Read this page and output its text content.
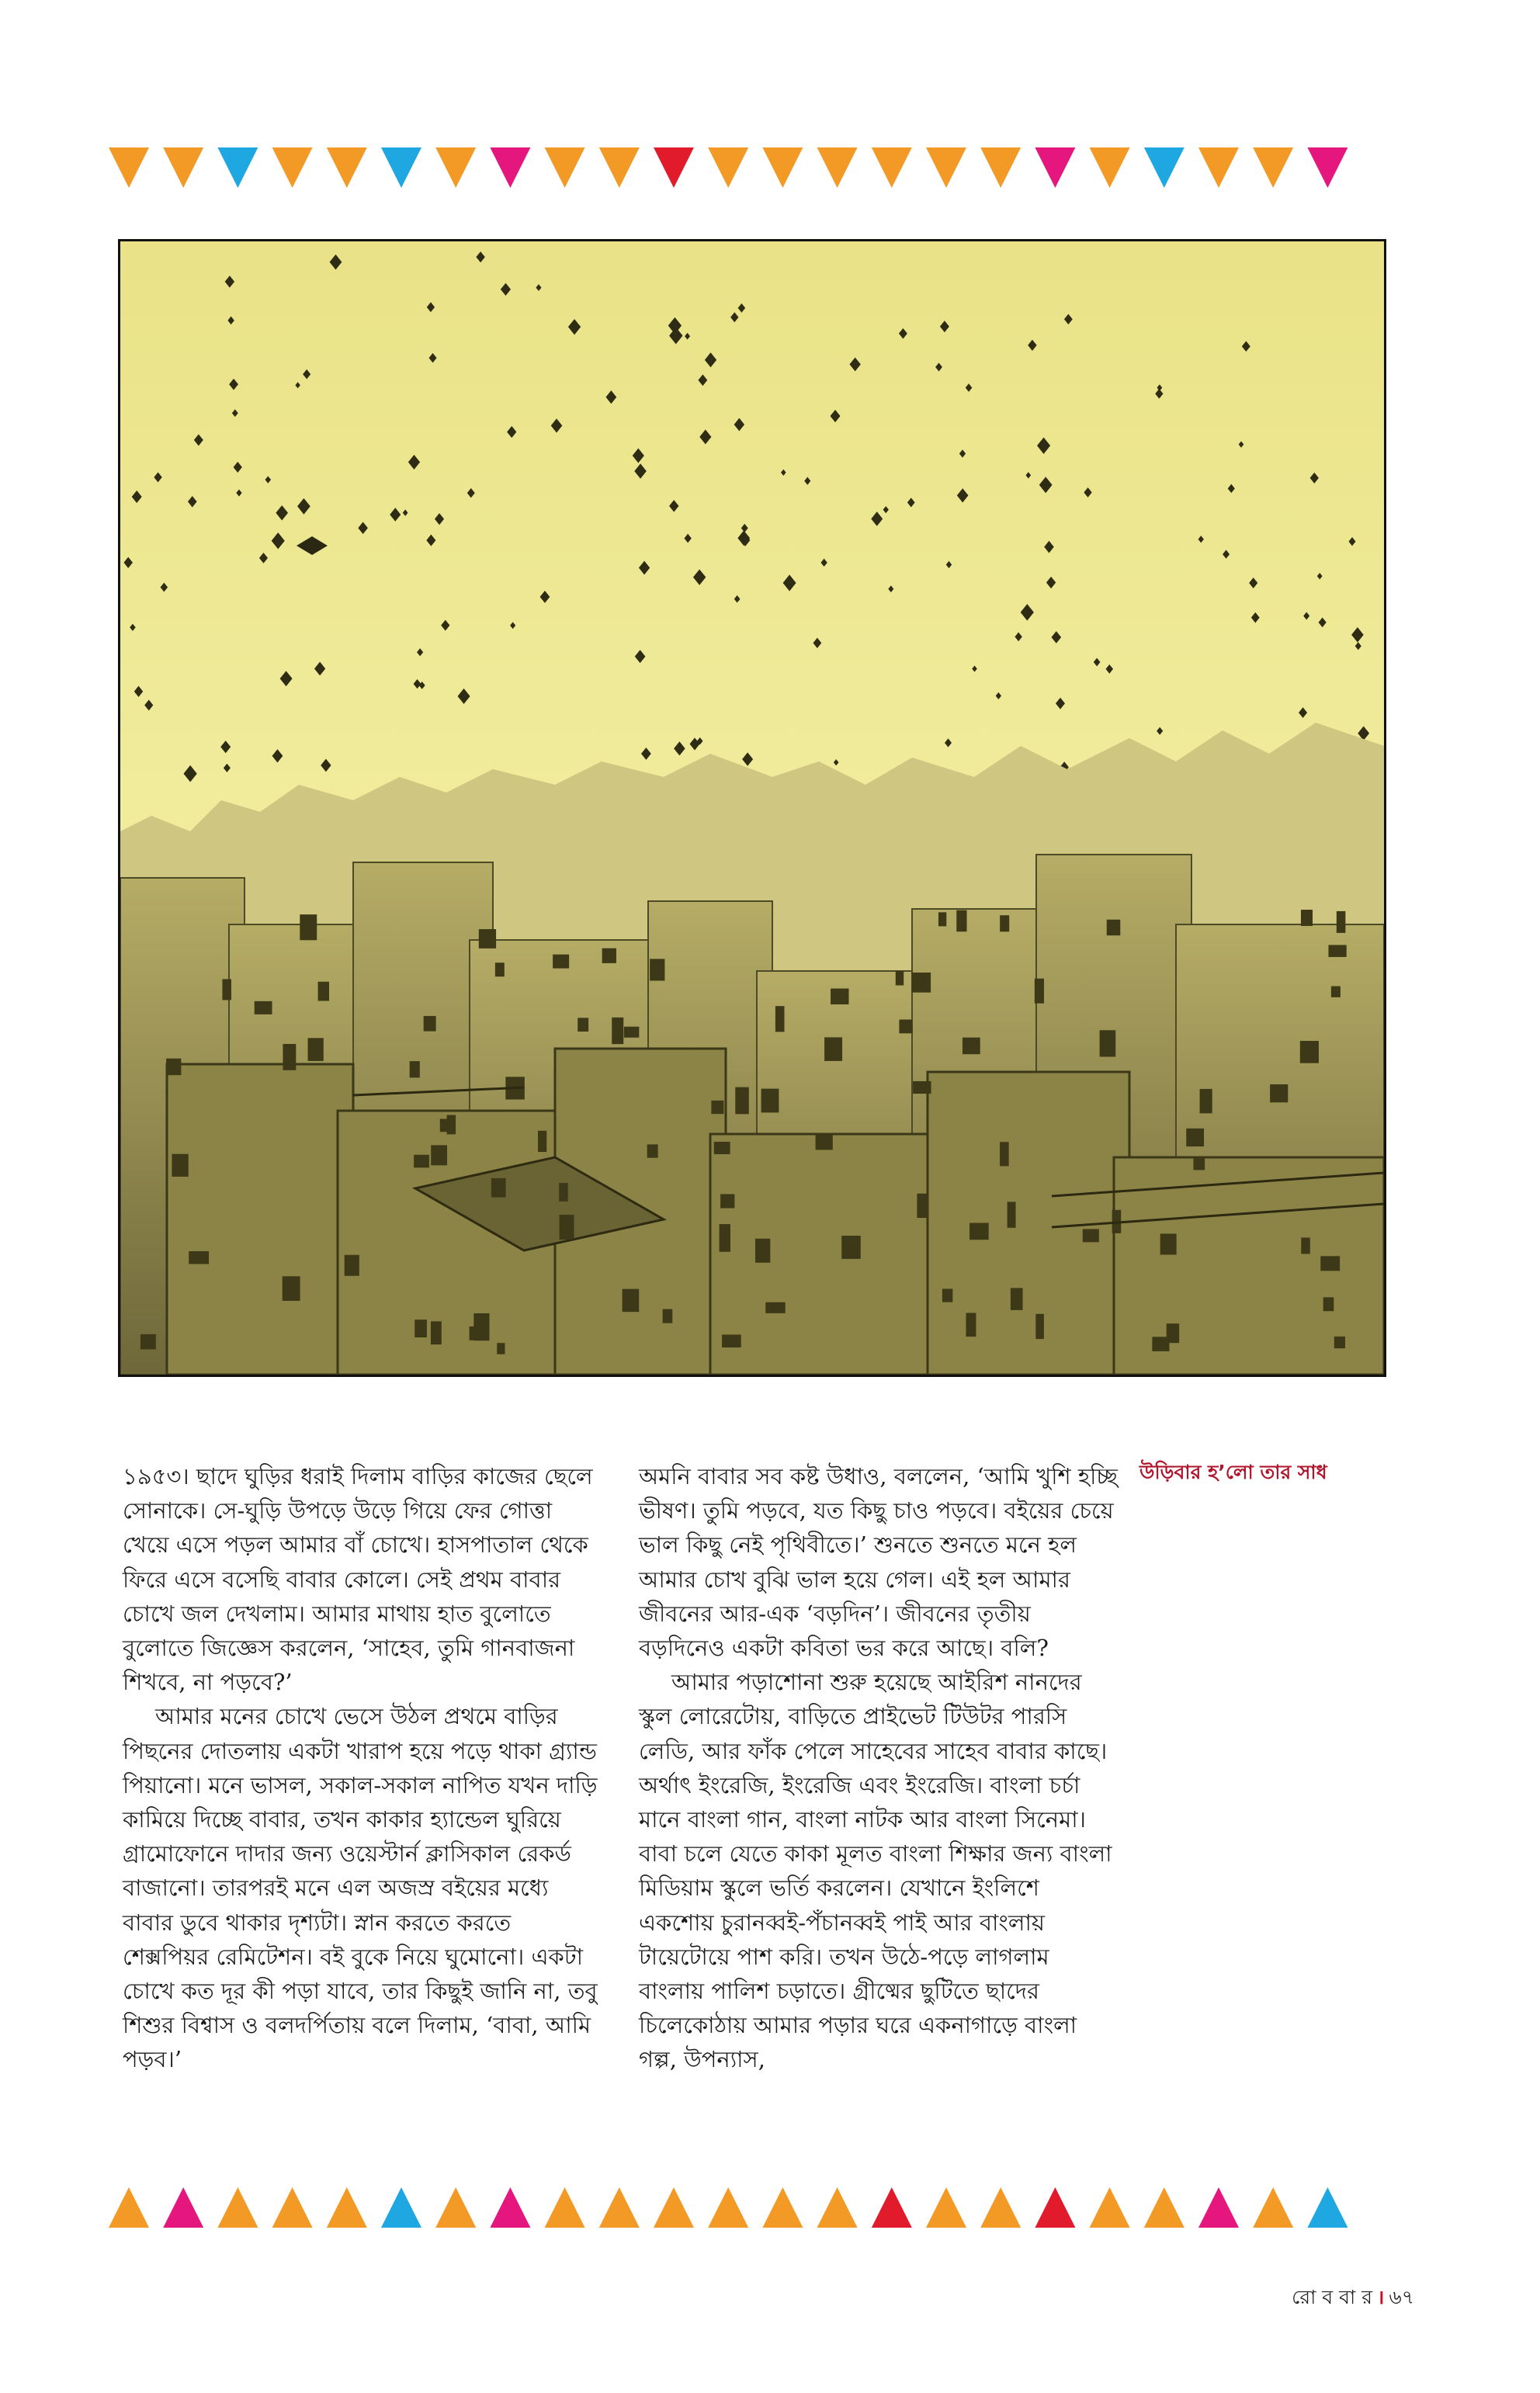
১৯৫৩। ছাদে ঘুড়ির ধরাই দিলাম বাড়ির কাজের ছেলে সোনাকে। সে-ঘুড়ি উপড়ে উড়ে গিয়ে ফের গোত্তা খেয়ে এসে পড়ল আমার বাঁ চোখে। হাসপাতাল থেকে ফিরে এসে বসেছি বাবার কোলে। সেই প্রথম বাবার চোখে জল দেখলাম। আমার মাথায় হাত বুলোতে বুলোতে জিজ্ঞেস করলেন, ‘সাহেব, তুমি গানবাজনা শিখবে, না পড়বে?’

আমার মনের চোখে ভেসে উঠল প্রথমে বাড়ির পিছনের দোতলায় একটা খারাপ হয়ে পড়ে থাকা গ্র্যান্ড পিয়ানো। মনে ভাসল, সকাল-সকাল নাপিত যখন দাড়ি কামিয়ে দিচ্ছে বাবার, তখন কাকার হ্যান্ডেল ঘুরিয়ে গ্রামোফোনে দাদার জন্য ওয়েস্টার্ন ক্লাসিকাল রেকর্ড বাজানো। তারপরই মনে এল অজস্র বইয়ের মধ্যে বাবার ডুবে থাকার দৃশ্যটা। স্নান করতে করতে শেক্সপিয়র রেমিটেশন। বই বুকে নিয়ে ঘুমোনো। একটা চোখে কত দূর কী পড়া যাবে, তার কিছুই জানি না, তবু শিশুর বিশ্বাস ও বলদর্পিতায় বলে দিলাম, ‘বাবা, আমি পড়ব।’

অমনি বাবার সব কষ্ট উধাও, বললেন, ‘আমি খুশি হচ্ছি ভীষণ। তুমি পড়বে, যত কিছু চাও পড়বে। বইয়ের চেয়ে ভাল কিছু নেই পৃথিবীতে।’ শুনতে শুনতে মনে হল আমার চোখ বুঝি ভাল হয়ে গেল। এই হল আমার জীবনের আর-এক ‘বড়দিন’। জীবনের তৃতীয় বড়দিনেও একটা কবিতা ভর করে আছে। বলি?

আমার পড়াশোনা শুরু হয়েছে আইরিশ নানদের স্কুল লোরেটোয়, বাড়িতে প্রাইভেট টিউটর পারসি লেডি, আর ফাঁক পেলে সাহেবের সাহেব বাবার কাছে। অর্থাৎ ইংরেজি, ইংরেজি এবং ইংরেজি। বাংলা চর্চা মানে বাংলা গান, বাংলা নাটক আর বাংলা সিনেমা। বাবা চলে যেতে কাকা মূলত বাংলা শিক্ষার জন্য বাংলা মিডিয়াম স্কুলে ভর্তি করলেন। যেখানে ইংলিশে একশোয় চুরানব্বই-পঁচানব্বই পাই আর বাংলায় টায়েটোয়ে পাশ করি। তখন উঠে-পড়ে লাগলাম বাংলায় পালিশ চড়াতে। গ্রীষ্মের ছুটিতে ছাদের চিলেকোঠায় আমার পড়ার ঘরে একনাগাড়ে বাংলা গল্প, উপন্যাস,

উড়িবার হ’লো তার সাধ
রো ব বা র । ৬৭
